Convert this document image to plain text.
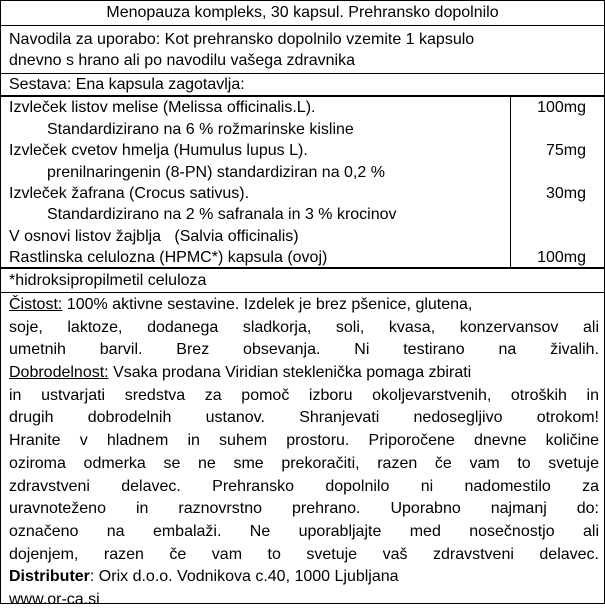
Menopauza kompleks, 30 kapsul. Prehransko dopolnilo
Navodila za uporabo: Kot prehransko dopolnilo vzemite 1 kapsulo
dnevno s hrano ali po navodilu vašega zdravnika
Sestava: Ena kapsula zagotavlja:
Izvleček listov melise (Melissa officinalis.L).	100mg
Standardizirano na 6 % rožmarinske kisline
Izvleček cvetov hmelja (Humulus lupus L).	75mg
prenilnaringenin (8-PN) standardiziran na 0,2 %
Izvleček žafrana (Crocus sativus).	30mg
Standardizirano na 2 % safranala in 3 % krocinov
V osnovi listov žajblja   (Salvia officinalis)
Rastlinska celulozna (HPMC*) kapsula (ovoj)	100mg
*hidroksipropilmetil celuloza
Čistost: 100% aktivne sestavine. Izdelek je brez pšenice, glutena,
soje, laktoze, dodanega sladkorja, soli, kvasa, konzervansov ali
umetnih barvil. Brez obsevanja. Ni testirano na živalih.
Dobrodelnost: Vsaka prodana Viridian steklenička pomaga zbirati
in ustvarjati sredstva za pomoč izboru okoljevarstvenih, otroških in
drugih dobrodelnih ustanov. Shranjevati nedosegljivo otrokom!
Hranite v hladnem in suhem prostoru. Priporočene dnevne količine
oziroma odmerka se ne sme prekoračiti, razen če vam to svetuje
zdravstveni delavec. Prehransko dopolnilo ni nadomestilo za
uravnoteženo in raznovrstno prehrano. Uporabno najmanj do:
označeno na embalaži. Ne uporabljajte med nosečnostjo ali
dojenjem, razen če vam to svetuje vaš zdravstveni delavec.
Distributer: Orix d.o.o. Vodnikova c.40, 1000 Ljubljana
www.or-ca.si
